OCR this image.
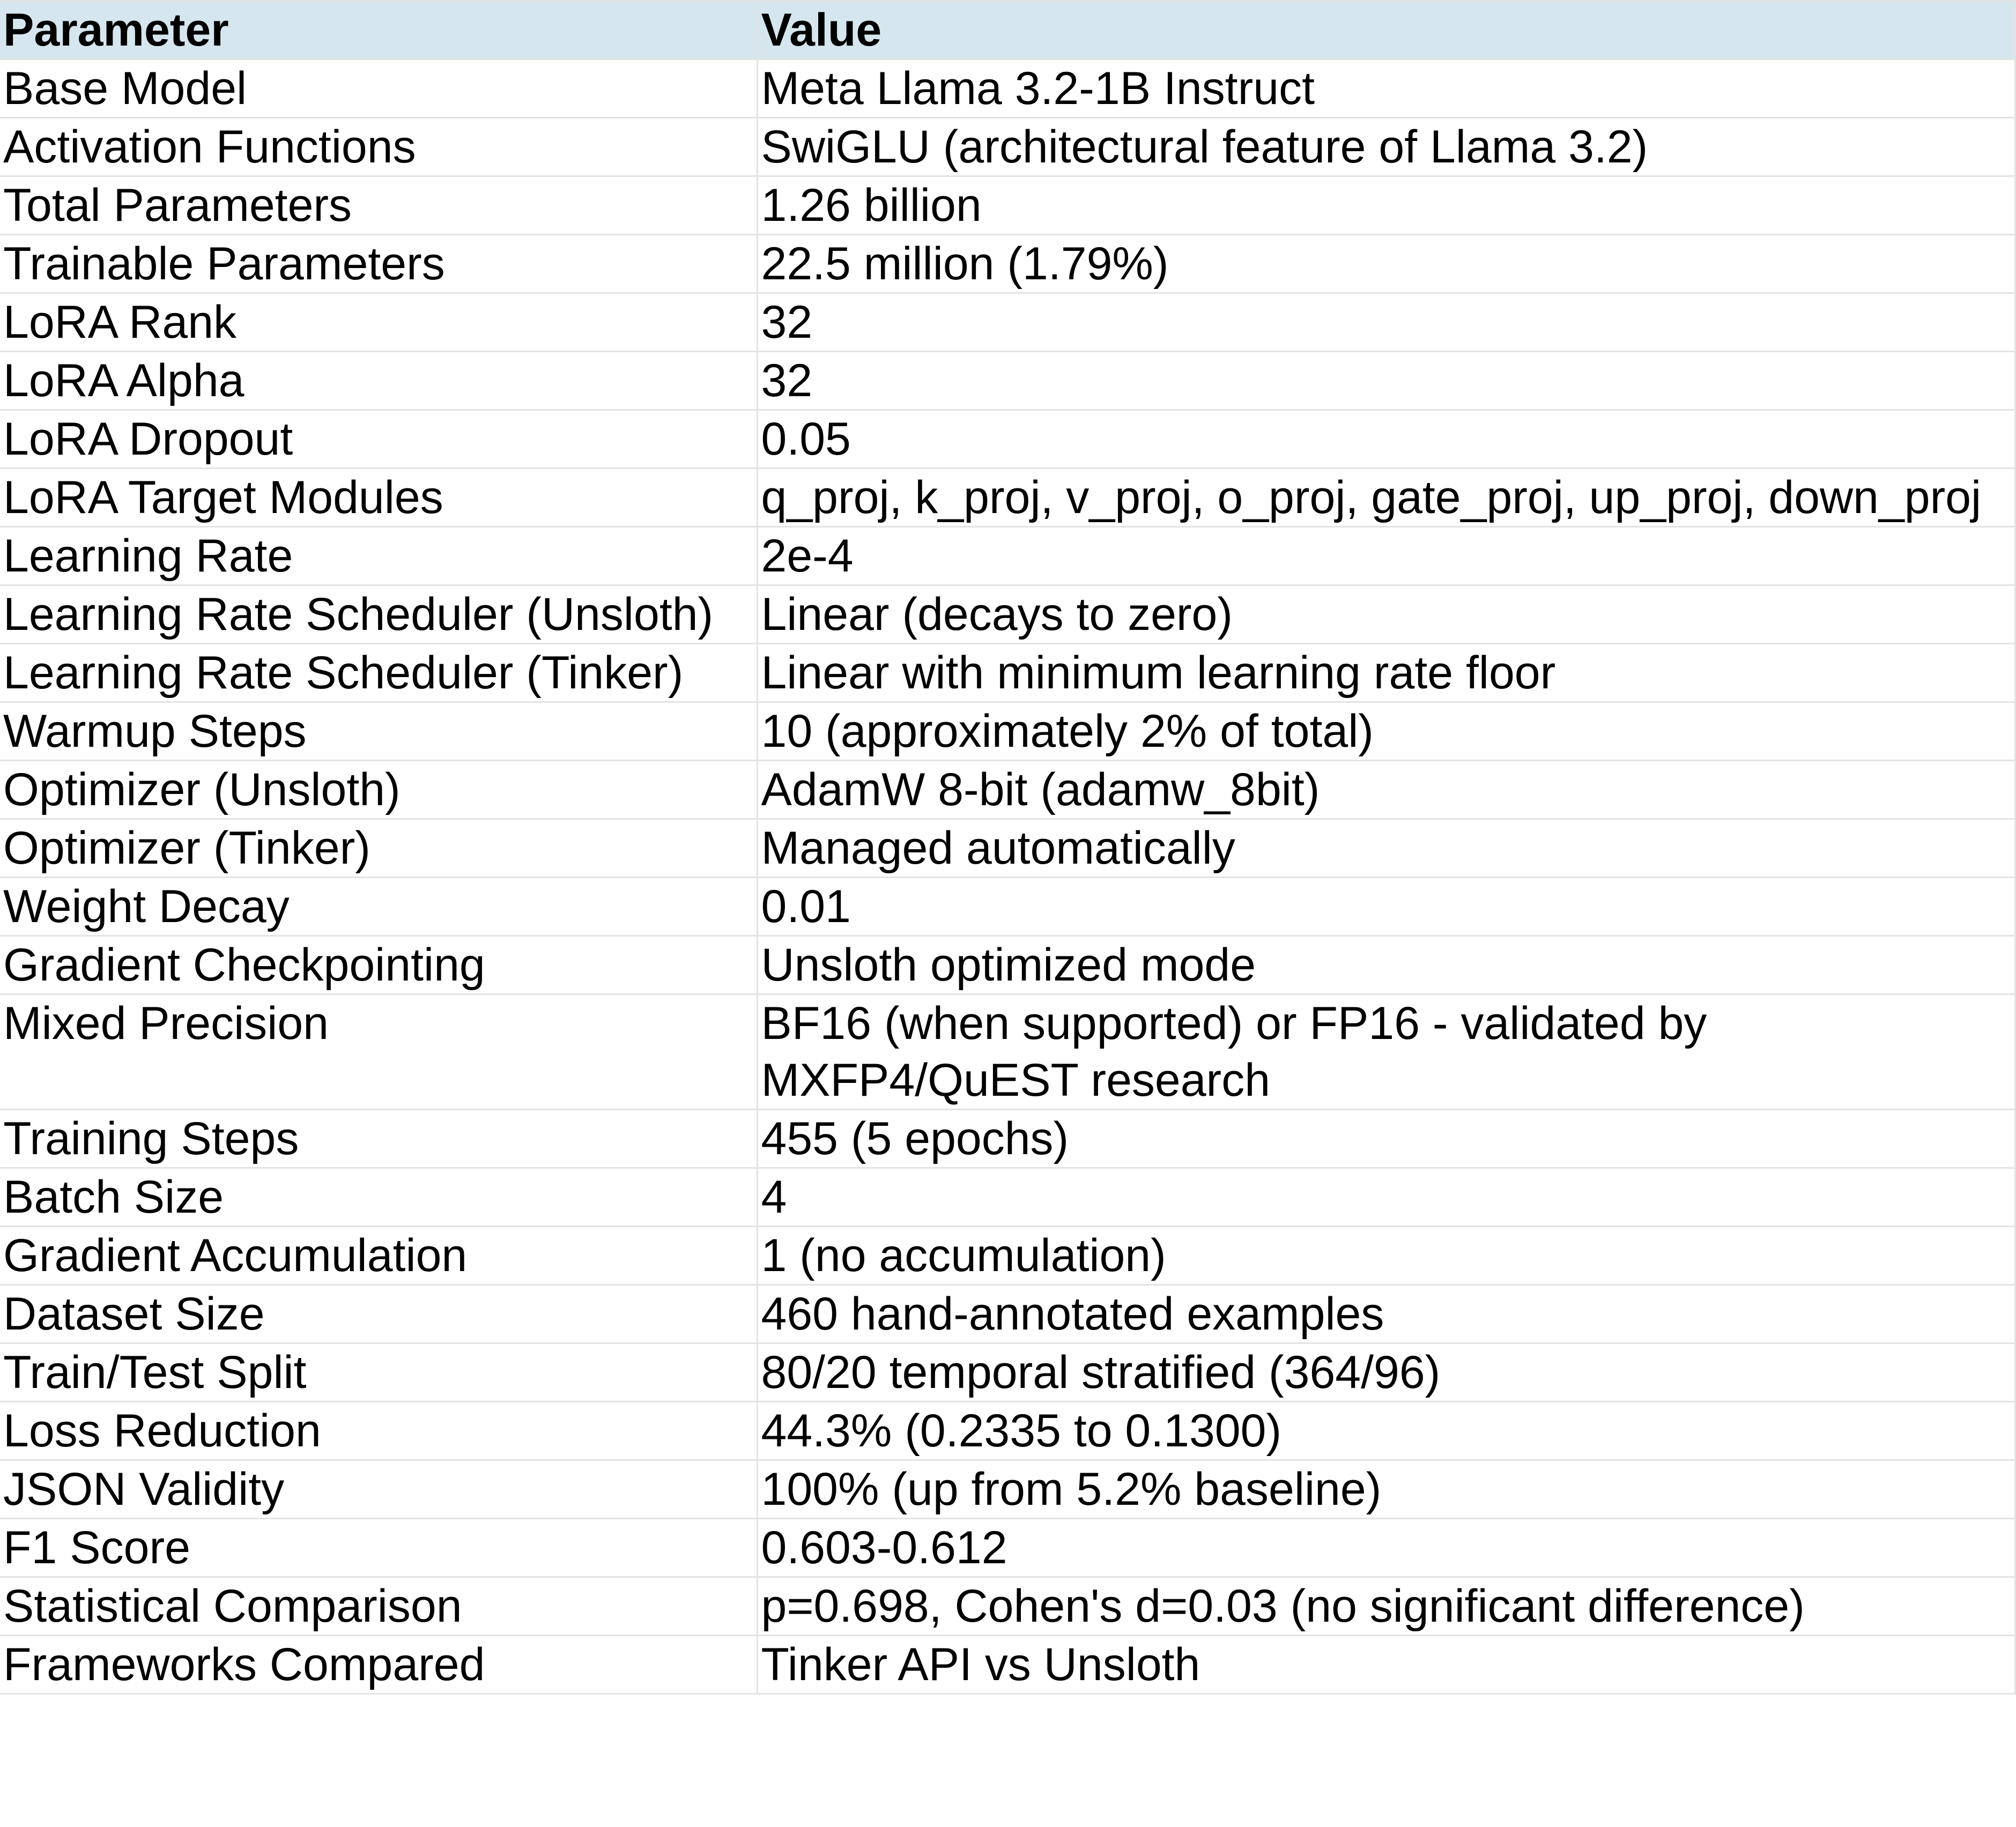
Parameter	Value
Base Model	Meta Llama 3.2-1B Instruct
Activation Functions	SwiGLU (architectural feature of Llama 3.2)
Total Parameters	1.26 billion
Trainable Parameters	22.5 million (1.79%)
LoRA Rank	32
LoRA Alpha	32
LoRA Dropout	0.05
LoRA Target Modules	q_proj, k_proj, v_proj, o_proj, gate_proj, up_proj, down_proj
Learning Rate	2e-4
Learning Rate Scheduler (Unsloth)	Linear (decays to zero)
Learning Rate Scheduler (Tinker)	Linear with minimum learning rate floor
Warmup Steps	10 (approximately 2% of total)
Optimizer (Unsloth)	AdamW 8-bit (adamw_8bit)
Optimizer (Tinker)	Managed automatically
Weight Decay	0.01
Gradient Checkpointing	Unsloth optimized mode
Mixed Precision	BF16 (when supported) or FP16 - validated by MXFP4/QuEST research
Training Steps	455 (5 epochs)
Batch Size	4
Gradient Accumulation	1 (no accumulation)
Dataset Size	460 hand-annotated examples
Train/Test Split	80/20 temporal stratified (364/96)
Loss Reduction	44.3% (0.2335 to 0.1300)
JSON Validity	100% (up from 5.2% baseline)
F1 Score	0.603-0.612
Statistical Comparison	p=0.698, Cohen's d=0.03 (no significant difference)
Frameworks Compared	Tinker API vs Unsloth
